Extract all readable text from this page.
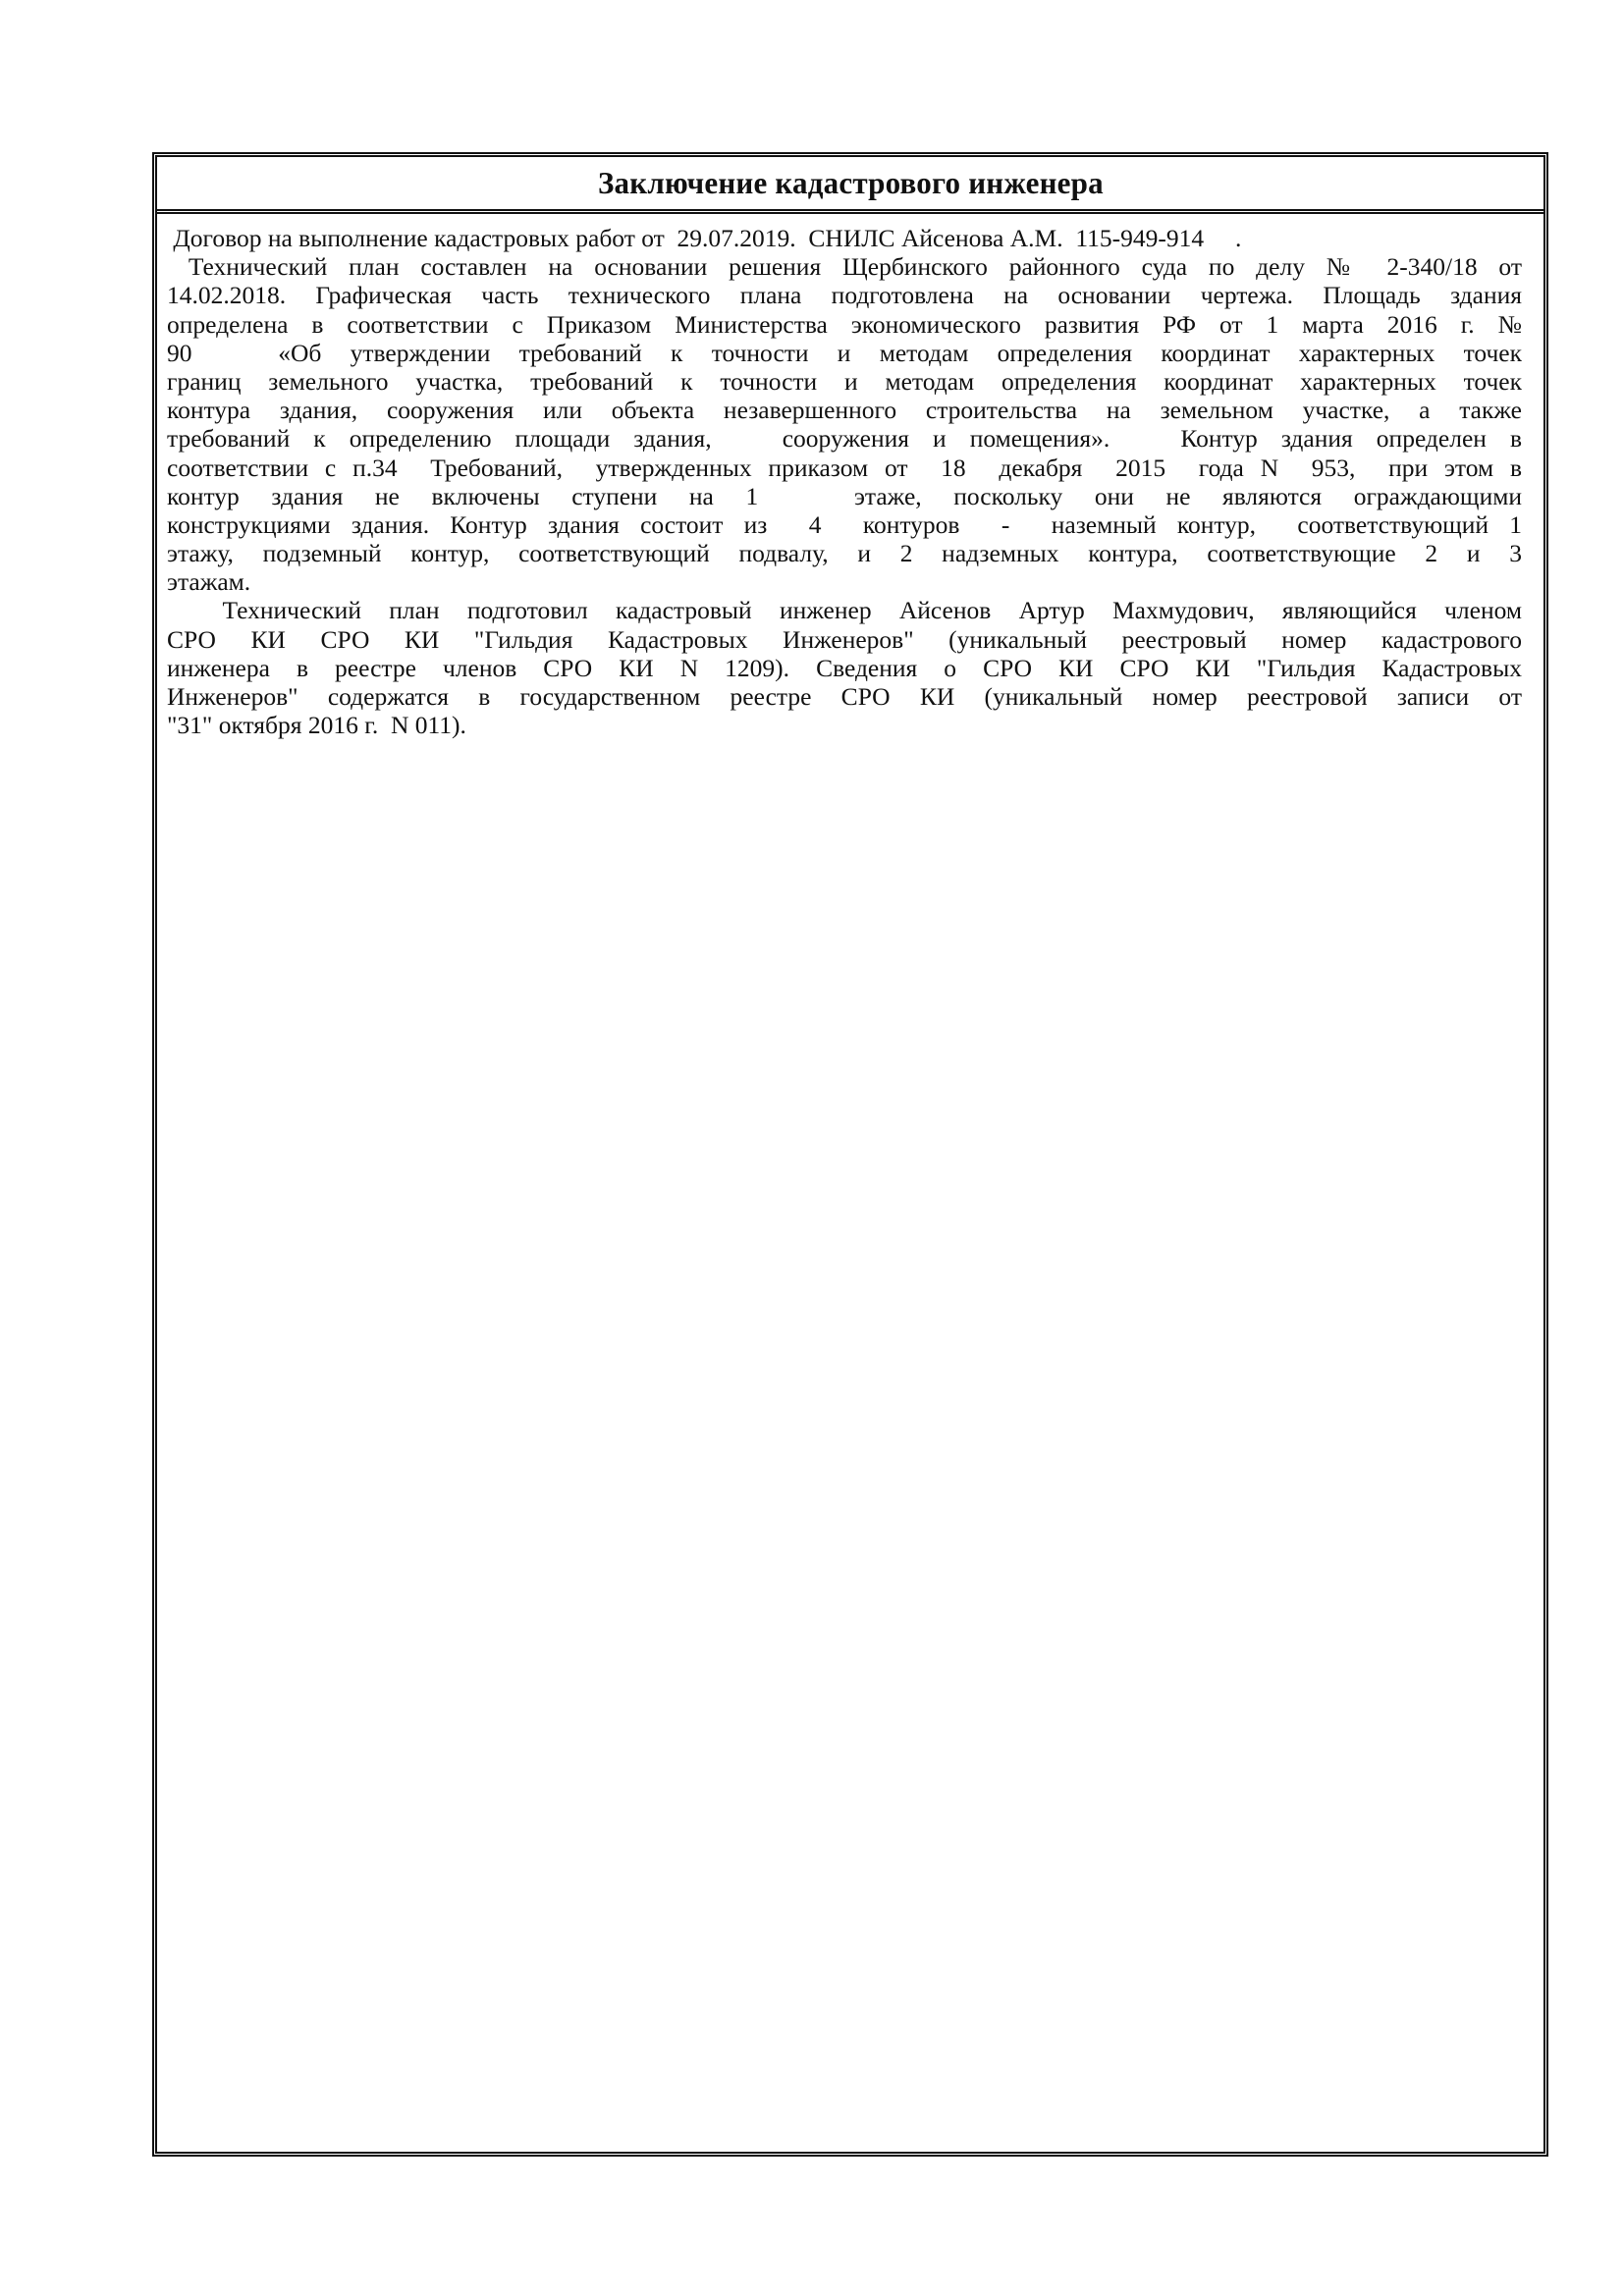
Заключение кадастрового инженера
Договор на выполнение кадастровых работ от  29.07.2019.  СНИЛС Айсенова А.М.  115-949-914     .
Технический план составлен на основании решения Щербинского районного суда по делу № 2-340/18 от
14.02.2018. Графическая часть технического плана подготовлена на основании чертежа. Площадь здания
определена в соответствии с Приказом Министерства экономического развития РФ от 1 марта 2016 г. №
90   «Об утверждении требований к точности и методам определения координат характерных точек
границ земельного участка, требований к точности и методам определения координат характерных точек
контура здания, сооружения или объекта незавершенного строительства на земельном участке, а также
требований к определению площади здания,   сооружения и помещения».   Контур здания определен в
соответствии с п.34  Требований,  утвержденных приказом от  18  декабря  2015  года N  953,  при этом в
контур здания не включены ступени на 1   этаже, поскольку они не являются ограждающими
конструкциями здания. Контур здания состоит из  4  контуров  -  наземный контур,  соответствующий 1
этажу, подземный контур, соответствующий подвалу, и 2 надземных контура, соответствующие 2 и 3
этажам.
Технический план подготовил кадастровый инженер Айсенов Артур Махмудович, являющийся членом
СРО КИ СРО КИ "Гильдия Кадастровых Инженеров" (уникальный реестровый номер кадастрового
инженера в реестре членов СРО КИ N 1209). Сведения о СРО КИ СРО КИ "Гильдия Кадастровых
Инженеров" содержатся в государственном реестре СРО КИ (уникальный номер реестровой записи от
"31" октября 2016 г.  N 011).
